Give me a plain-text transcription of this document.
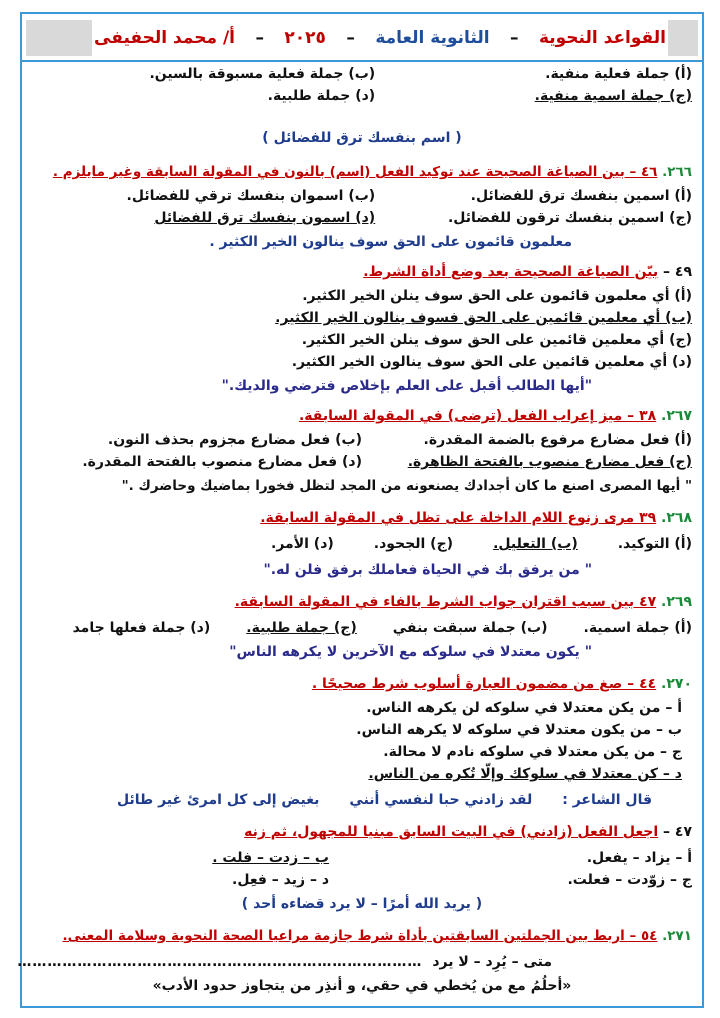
القواعد النحوية
–
الثانوية العامة
–
٢٠٢٥
–
أ/ محمد الحفيفى
(أ) جملة فعلية منفية.
(ب) جملة فعلية مسبوقة بالسين.
(ج) جملة اسمية منفية.
(د) جملة طلبية.
( اسم بنفسك ترق للفضائل )
٢٦٦. ٤٦ – بين الصياغة الصحيحة عند توكيد الفعل (اسم) بالنون في المقولة السابقة وغير مايلزم .
(أ) اسمين بنفسك ترق للفضائل.
(ب) اسموان بنفسك ترقي للفضائل.
(ج) اسمين بنفسك ترقون للفضائل.
(د) اسمون بنفسك ترق للفضائل
معلمون قائمون على الحق سوف ينالون الخير الكثير .
٤٩ – بيّن الصياغة الصحيحة بعد وضع أداة الشرط.
(أ) أي معلمون قائمون على الحق سوف ينلن الخير الكثير.
(ب) أي معلمين قائمين على الحق فسوف ينالون الخير الكثير.
(ج) أي معلمين قائمين على الحق سوف ينلن الخير الكثير.
(د) أي معلمين قائمين على الحق سوف ينالون الخير الكثير.
"أيها الطالب أقبل على العلم بإخلاص فترضي والديك."
٢٦٧. ٣٨ – ميز إعراب الفعل (ترضى) في المقولة السابقة.
(أ) فعل مضارع مرفوع بالضمة المقدرة.
(ب) فعل مضارع مجزوم بحذف النون.
(ج) فعل مضارع منصوب بالفتحة الظاهرة.
(د) فعل مضارع منصوب بالفتحة المقدرة.
" أيها المصرى اصنع ما كان أجدادك يصنعونه من المجد لتظل فخورا بماضيك وحاضرك ."
٢٦٨. ٣٩ مرى زنوع اللام الداخلة على تظل في المقولة السابقة.
(أ) التوكيد.
(ب) التعليل.
(ج) الجحود.
(د) الأمر.
" من يرفق بك في الحياة فعاملك برفق فلن له."
٢٦٩. ٤٧ بين سبب اقتران جواب الشرط بالفاء في المقولة السابقة.
(أ) جملة اسمية.
(ب) جملة سبقت بنفي
(ج) جملة طلبية.
(د) جملة فعلها جامد
" يكون معتدلا في سلوكه مع الآخرين لا يكرهه الناس"
٢٧٠. ٤٤ – صغ من مضمون العبارة أسلوب شرط صحيحًا .
أ – من يكن معتدلا في سلوكه لن يكرهه الناس.
ب – من يكون معتدلا في سلوكه لا يكرهه الناس.
ج – من يكن معتدلا في سلوكه نادم لا محالة.
د – كن معتدلا في سلوكك وإلّا تُكره من الناس.
قال الشاعر :
لقد زادني حبا لنفسي أنني
بغيض إلى كل امرئ غير طائل
٤٧ – اجعل الفعل (زادني) في البيت السابق مبنيا للمجهول، ثم زنه
أ – يزاد – يفعل.
ب – زدت – فلت .
ج – زوّدت – فعلت.
د – زيد – فعِل.
( يريد الله أمرًا – لا يرد قضاءه أحد )
٢٧١. ٥٤ – اربط بين الجملتين السابقتين بأداة شرط جازمة مراعيا الصحة النحوية وسلامة المعنى.
متى – يُرِد – لا يرد
………………………………………………………………………
«أحلُمُ مع من يُخطي في حقي، و أنذِر من يتجاوز حدود الأدب»
